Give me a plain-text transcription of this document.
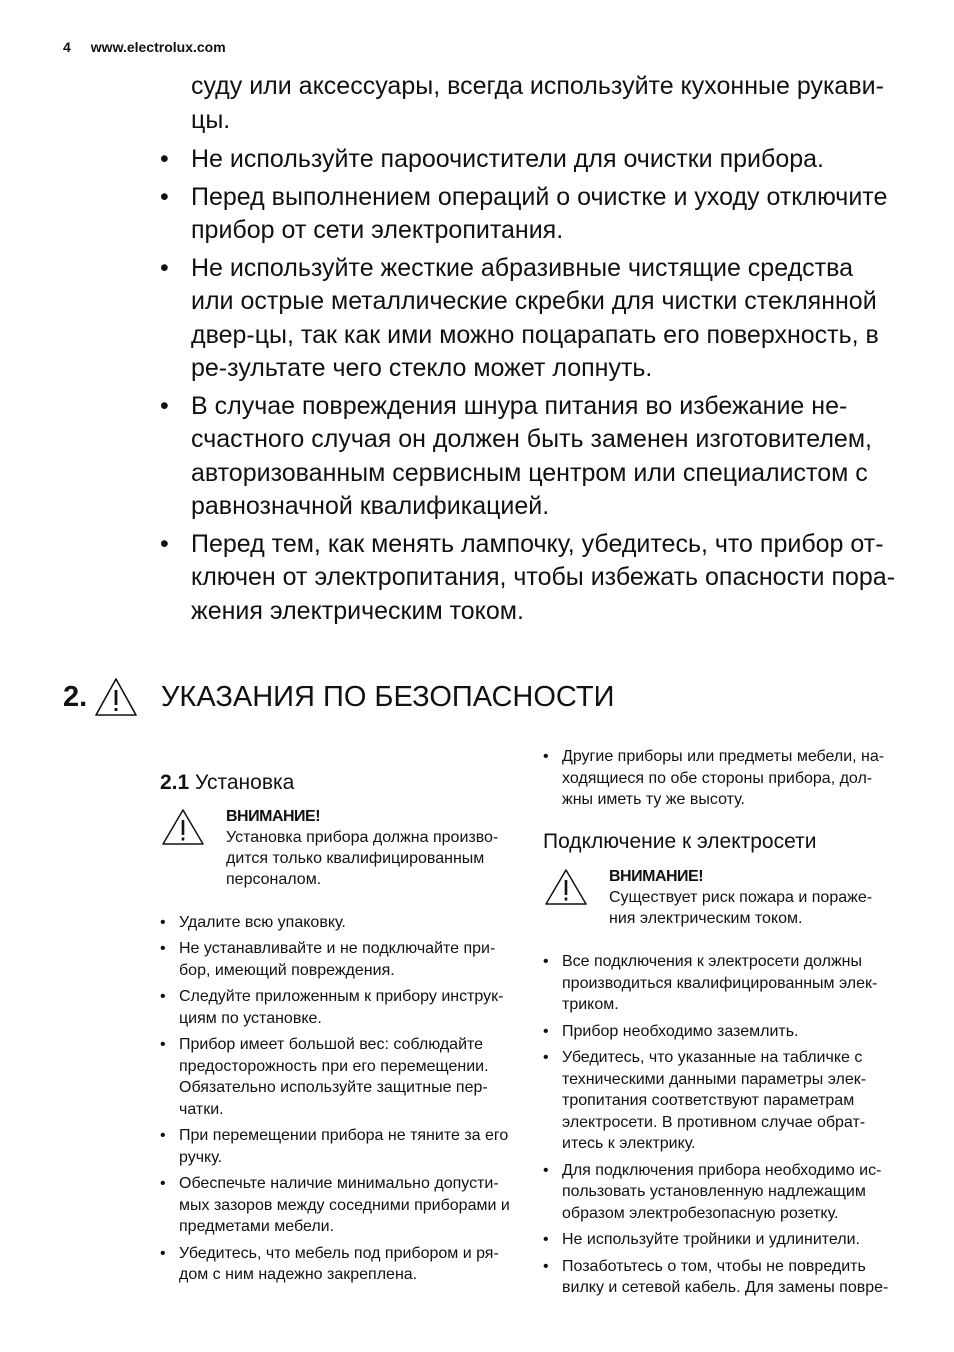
4 www.electrolux.com
суду или аксессуары, всегда используйте кухонные рукави-
цы.
• Не используйте пароочистители для очистки прибора.
• Перед выполнением операций о очистке и уходу отключите прибор от сети электропитания.
• Не используйте жесткие абразивные чистящие средства или острые металлические скребки для чистки стеклянной двер-цы, так как ими можно поцарапать его поверхность, в ре-зультате чего стекло может лопнуть.
• В случае повреждения шнура питания во избежание не-счастного случая он должен быть заменен изготовителем, авторизованным сервисным центром или специалистом с равнозначной квалификацией.
• Перед тем, как менять лампочку, убедитесь, что прибор от-ключен от электропитания, чтобы избежать опасности пора-жения электрическим током.
2.	УКАЗАНИЯ ПО БЕЗОПАСНОСТИ
2.1 Установка
ВНИМАНИЕ!
Установка прибора должна произво-дится только квалифицированным персоналом.
• Удалите всю упаковку.
• Не устанавливайте и не подключайте при-бор, имеющий повреждения.
• Следуйте приложенным к прибору инструк-циям по установке.
• Прибор имеет большой вес: соблюдайте предосторожность при его перемещении. Обязательно используйте защитные пер-чатки.
• При перемещении прибора не тяните за его ручку.
• Обеспечьте наличие минимально допусти-мых зазоров между соседними приборами и предметами мебели.
• Убедитесь, что мебель под прибором и ря-дом с ним надежно закреплена.
• Другие приборы или предметы мебели, на-ходящиеся по обе стороны прибора, дол-жны иметь ту же высоту.
Подключение к электросети
ВНИМАНИЕ!
Существует риск пожара и пораже-ния электрическим током.
• Все подключения к электросети должны производиться квалифицированным элек-триком.
• Прибор необходимо заземлить.
• Убедитесь, что указанные на табличке с техническими данными параметры элек-тропитания соответствуют параметрам электросети. В противном случае обрат-итесь к электрику.
• Для подключения прибора необходимо ис-пользовать установленную надлежащим образом электробезопасную розетку.
• Не используйте тройники и удлинители.
• Позаботьтесь о том, чтобы не повредить вилку и сетевой кабель. Для замены повре-
